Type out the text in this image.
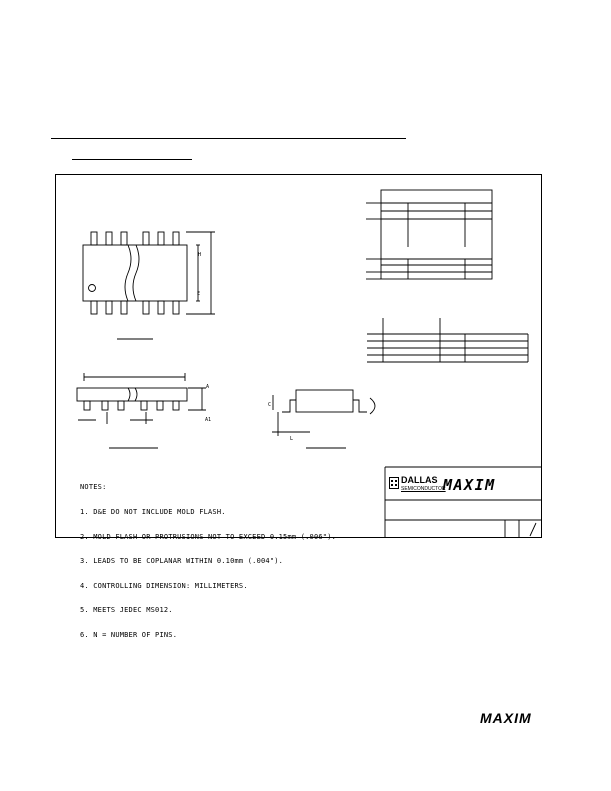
H
E
A
A1
C
L
MAXIM

NOTES:

1. D&E DO NOT INCLUDE MOLD FLASH.

2. MOLD FLASH OR PROTRUSIONS NOT TO EXCEED 0.15mm (.006").

3. LEADS TO BE COPLANAR WITHIN 0.10mm (.004").

4. CONTROLLING DIMENSION: MILLIMETERS.

5. MEETS JEDEC MS012.

6. N = NUMBER OF PINS.

DALLAS
SEMICONDUCTOR
MAXIM
